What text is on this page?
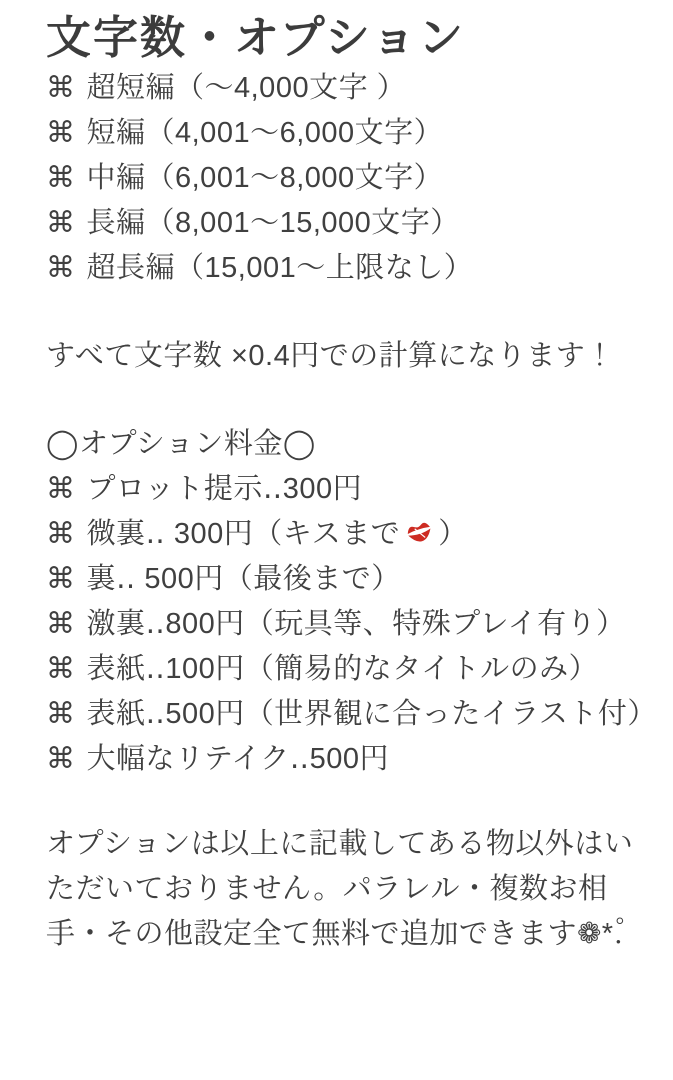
文字数・オプション
⌘ 超短編（〜4,000文字 ）
⌘ 短編（4,001〜6,000文字）
⌘ 中編（6,001〜8,000文字）
⌘ 長編（8,001〜15,000文字）
⌘ 超長編（15,001〜上限なし）

すべて文字数 ×0.4円での計算になります！

◯オプション料金◯

⌘ プロット提示‥300円
⌘ 微裏‥ 300円（キスまで ）
⌘ 裏‥ 500円（最後まで）
⌘ 激裏‥800円（玩具等、特殊プレイ有り）
⌘ 表紙‥100円（簡易的なタイトルのみ）
⌘ 表紙‥500円（世界観に合ったイラスト付）
⌘ 大幅なリテイク‥500円

オプションは以上に記載してある物以外はいただいておりません。パラレル・複数お相手・その他設定全て無料で追加できます❁*.゚
